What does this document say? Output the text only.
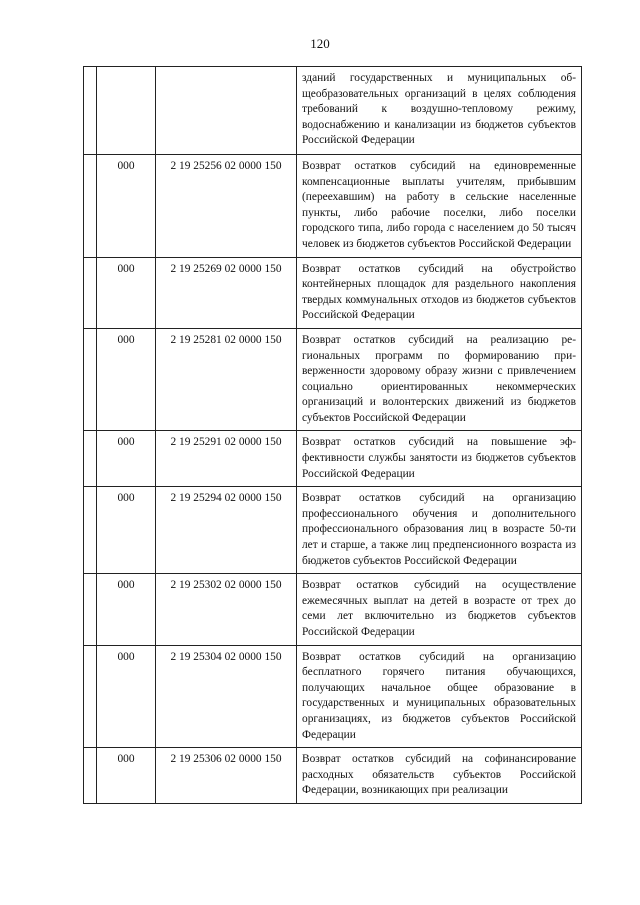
120
			зданий государственных и муниципальных общеобразовательных организаций в целях соблюдения требований к воздушно-тепловому режиму, водоснабжению и канализации из бюджетов субъектов Российской Федерации
	000	2 19 25256 02 0000 150	Возврат остатков субсидий на единовременные компенсационные выплаты учителям, прибывшим (переехавшим) на работу в сельские населенные пункты, либо рабочие поселки, либо поселки городского типа, либо города с населением до 50 тысяч человек из бюджетов субъектов Российской Федерации
	000	2 19 25269 02 0000 150	Возврат остатков субсидий на обустройство контейнерных площадок для раздельного накопления твердых коммунальных отходов из бюджетов субъектов Российской Федерации
	000	2 19 25281 02 0000 150	Возврат остатков субсидий на реализацию региональных программ по формированию приверженности здоровому образу жизни с привлечением социально ориентированных некоммерческих организаций и волонтерских движений из бюджетов субъектов Российской Федерации
	000	2 19 25291 02 0000 150	Возврат остатков субсидий на повышение эффективности службы занятости из бюджетов субъектов Российской Федерации
	000	2 19 25294 02 0000 150	Возврат остатков субсидий на организацию профессионального обучения и дополнительного профессионального образования лиц в возрасте 50-ти лет и старше, а также лиц предпенсионного возраста из бюджетов субъектов Российской Федерации
	000	2 19 25302 02 0000 150	Возврат остатков субсидий на осуществление ежемесячных выплат на детей в возрасте от трех до семи лет включительно из бюджетов субъектов Российской Федерации
	000	2 19 25304 02 0000 150	Возврат остатков субсидий на организацию бесплатного горячего питания обучающихся, получающих начальное общее образование в государственных и муниципальных образовательных организациях, из бюджетов субъектов Российской Федерации
	000	2 19 25306 02 0000 150	Возврат остатков субсидий на софинансирование расходных обязательств субъектов Российской Федерации, возникающих при реализации
